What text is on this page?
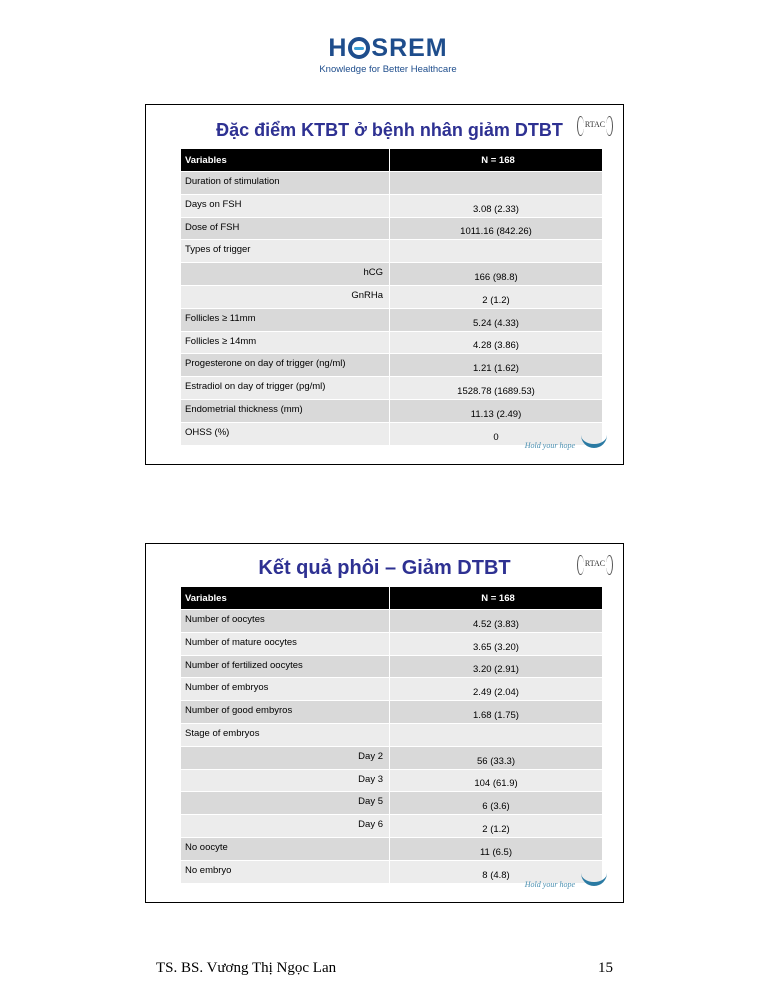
H SREM
Knowledge for Better Healthcare
Đặc điểm KTBT ở bệnh nhân giảm DTBT	RTAC
Variables	N = 168
Duration of stimulation	
Days on FSH	3.08 (2.33)
Dose of FSH	1011.16 (842.26)
Types of trigger	
hCG	166 (98.8)
GnRHa	2 (1.2)
Follicles ≥ 11mm	5.24 (4.33)
Follicles ≥ 14mm	4.28 (3.86)
Progesterone on day of trigger (ng/ml)	1.21 (1.62)
Estradiol on day of trigger (pg/ml)	1528.78 (1689.53)
Endometrial thickness (mm)	11.13 (2.49)
OHSS (%)	0
Hold your hope
Kết quả phôi – Giảm DTBT	RTAC
Variables	N = 168
Number of oocytes	4.52 (3.83)
Number of mature oocytes	3.65 (3.20)
Number of fertilized oocytes	3.20 (2.91)
Number of embryos	2.49 (2.04)
Number of good embyros	1.68 (1.75)
Stage of embryos	
Day 2	56 (33.3)
Day 3	104 (61.9)
Day 5	6 (3.6)
Day 6	2 (1.2)
No oocyte	11 (6.5)
No embryo	8 (4.8)
Hold your hope
TS. BS. Vương Thị Ngọc Lan	15
